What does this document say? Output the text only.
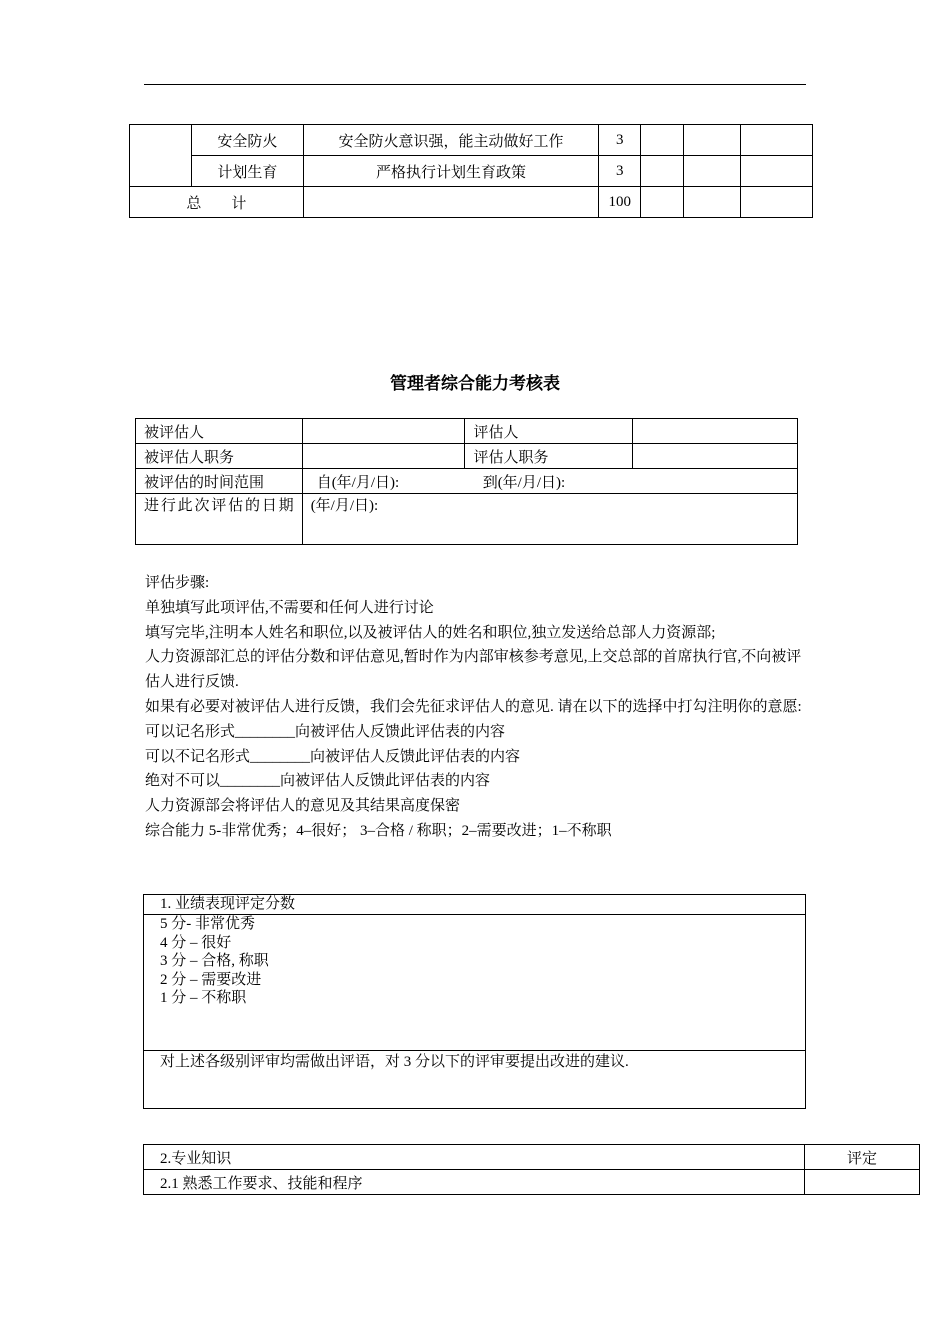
	安全防火	安全防火意识强，能主动做好工作	3			
	计划生育	严格执行计划生育政策	3			
总　　计			100			
管理者综合能力考核表
被评估人		评估人	
被评估人职务		评估人职务	
被评估的时间范围	自(年/月/日): 到(年/月/日):		
进行此次评估的日期	(年/月/日):		

评估步骤:

单独填写此项评估,不需要和任何人进行讨论

填写完毕,注明本人姓名和职位,以及被评估人的姓名和职位,独立发送给总部人力资源部;

人力资源部汇总的评估分数和评估意见,暂时作为内部审核参考意见,上交总部的首席执行官,不向被评估人进行反馈.

如果有必要对被评估人进行反馈，我们会先征求评估人的意见. 请在以下的选择中打勾注明你的意愿:

可以记名形式________向被评估人反馈此评估表的内容

可以不记名形式________向被评估人反馈此评估表的内容

绝对不可以________向被评估人反馈此评估表的内容

人力资源部会将评估人的意见及其结果高度保密

综合能力 5-非常优秀；4–很好； 3–合格 / 称职；2–需要改进；1–不称职

1. 业绩表现评定分数

5 分- 非常优秀
4 分 – 很好
3 分 – 合格, 称职
2 分 – 需要改进
1 分 – 不称职

对上述各级别评审均需做出评语，对 3 分以下的评审要提出改进的建议.
2.专业知识	评定
2.1 熟悉工作要求、技能和程序	
